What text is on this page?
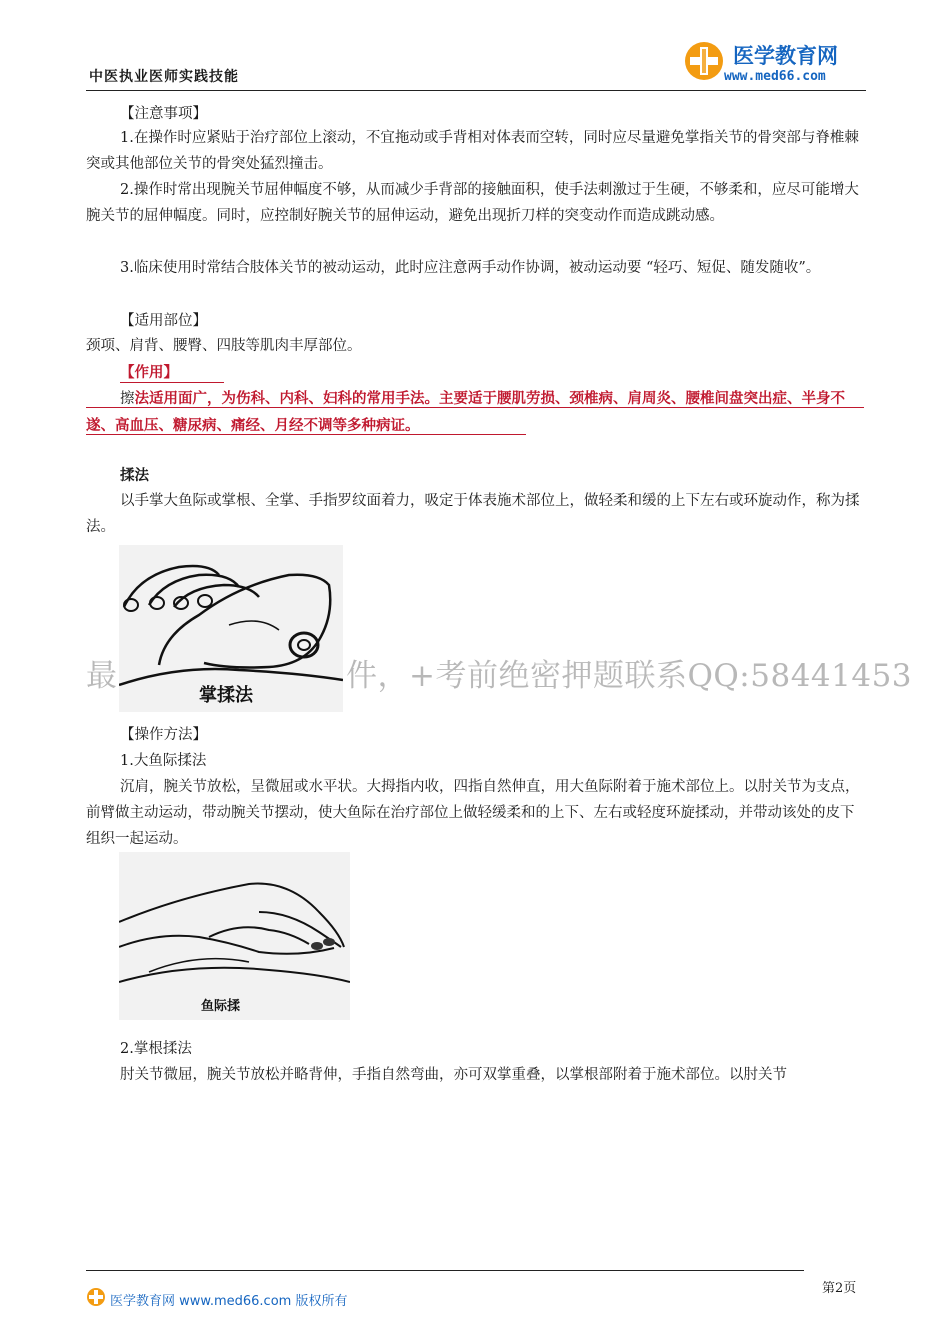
中医执业医师实践技能
医学教育网
www.med66.com
【注意事项】
1.在操作时应紧贴于治疗部位上滚动，不宜拖动或手背相对体表而空转，同时应尽量避免掌指关节的骨突部与脊椎棘突或其他部位关节的骨突处猛烈撞击。
2.操作时常出现腕关节屈伸幅度不够，从而减少手背部的接触面积，使手法刺激过于生硬，不够柔和，应尽可能增大腕关节的屈伸幅度。同时，应控制好腕关节的屈伸运动，避免出现折刀样的突变动作而造成跳动感。
3.临床使用时常结合肢体关节的被动运动，此时应注意两手动作协调，被动运动要 “轻巧、短促、随发随收”。
【适用部位】
颈项、肩背、腰臀、四肢等肌肉丰厚部位。
【作用】
擦法适用面广，为伤科、内科、妇科的常用手法。主要适于腰肌劳损、颈椎病、肩周炎、腰椎间盘突出症、半身不遂、高血压、糖尿病、痛经、月经不调等多种病证。
揉法
以手掌大鱼际或掌根、全掌、手指罗纹面着力，吸定于体表施术部位上，做轻柔和缓的上下左右或环旋动作，称为揉法。
掌揉法
最	件，+考前绝密押题联系QQ:58441453
【操作方法】
1.大鱼际揉法
沉肩，腕关节放松，呈微屈或水平状。大拇指内收，四指自然伸直，用大鱼际附着于施术部位上。以肘关节为支点，前臂做主动运动，带动腕关节摆动，使大鱼际在治疗部位上做轻缓柔和的上下、左右或轻度环旋揉动，并带动该处的皮下组织一起运动。
鱼际揉
2.掌根揉法
肘关节微屈，腕关节放松并略背伸，手指自然弯曲，亦可双掌重叠，以掌根部附着于施术部位。以肘关节
医学教育网 www.med66.com 版权所有
第2页
